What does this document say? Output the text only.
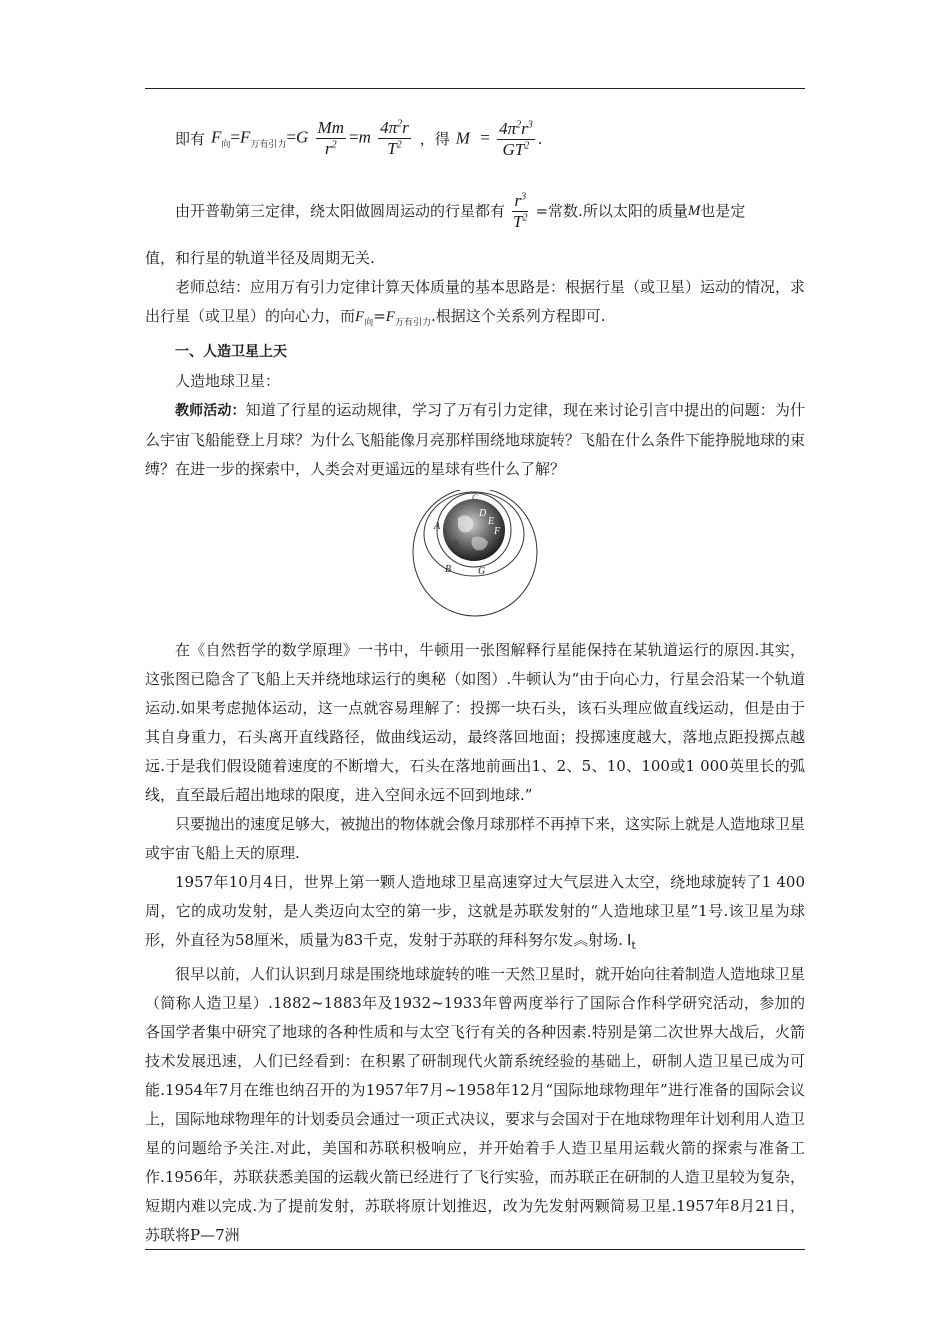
即有 $F_向=F_{万有引力}=G \frac{Mm}{r^2} =m \frac{4\pi^2r}{T^2}$ ，得 $M = \frac{4\pi^2r^3}{GT^2}$ .
由开普勒第三定律，绕太阳做圆周运动的行星都有 $\frac{r^3}{T^2}$ =常数.所以太阳的质量 M 也是定

值，和行星的轨道半径及周期无关.

老师总结：应用万有引力定律计算天体质量的基本思路是：根据行星（或卫星）运动的情况，求出行星（或卫星）的向心力，而$F_向=F_{万有引力}$.根据这个关系列方程即可.

一、人造卫星上天

人造地球卫星：

教师活动：知道了行星的运动规律，学习了万有引力定律，现在来讨论引言中提出的问题：为什么宇宙飞船能登上月球？为什么飞船能像月亮那样围绕地球旋转？飞船在什么条件下能挣脱地球的束缚？在进一步的探索中，人类会对更遥远的星球有些什么了解？

C
A
B
D
E
F
G

在《自然哲学的数学原理》一书中，牛顿用一张图解释行星能保持在某轨道运行的原因.其实，这张图已隐含了飞船上天并绕地球运行的奥秘（如图）.牛顿认为“由于向心力，行星会沿某一个轨道运动.如果考虑抛体运动，这一点就容易理解了：投掷一块石头，该石头理应做直线运动，但是由于其自身重力，石头离开直线路径，做曲线运动，最终落回地面；投掷速度越大，落地点距投掷点越远.于是我们假设随着速度的不断增大，石头在落地前画出1、2、5、10、100或1 000英里长的弧线，直至最后超出地球的限度，进入空间永远不回到地球.”

只要抛出的速度足够大，被抛出的物体就会像月球那样不再掉下来，这实际上就是人造地球卫星或宇宙飞船上天的原理.

1957年10月4日，世界上第一颗人造地球卫星高速穿过大气层进入太空，绕地球旋转了1 400周，它的成功发射，是人类迈向太空的第一步，这就是苏联发射的“人造地球卫星”1号.该卫星为球形，外直径为58厘米，质量为83千克，发射于苏联的拜科努尔发︽射场. $I_t$

很早以前，人们认识到月球是围绕地球旋转的唯一天然卫星时，就开始向往着制造人造地球卫星（简称人造卫星）.1882~1883年及1932~1933年曾两度举行了国际合作科学研究活动，参加的各国学者集中研究了地球的各种性质和与太空飞行有关的各种因素.特别是第二次世界大战后，火箭技术发展迅速，人们已经看到：在积累了研制现代火箭系统经验的基础上，研制人造卫星已成为可能.1954年7月在维也纳召开的为1957年7月~1958年12月“国际地球物理年”进行准备的国际会议上，国际地球物理年的计划委员会通过一项正式决议，要求与会国对于在地球物理年计划利用人造卫星的问题给予关注.对此，美国和苏联积极响应，并开始着手人造卫星用运载火箭的探索与准备工作.1956年，苏联获悉美国的运载火箭已经进行了飞行实验，而苏联正在研制的人造卫星较为复杂，短期内难以完成.为了提前发射，苏联将原计划推迟，改为先发射两颗简易卫星.1957年8月21日，苏联将P—7洲
